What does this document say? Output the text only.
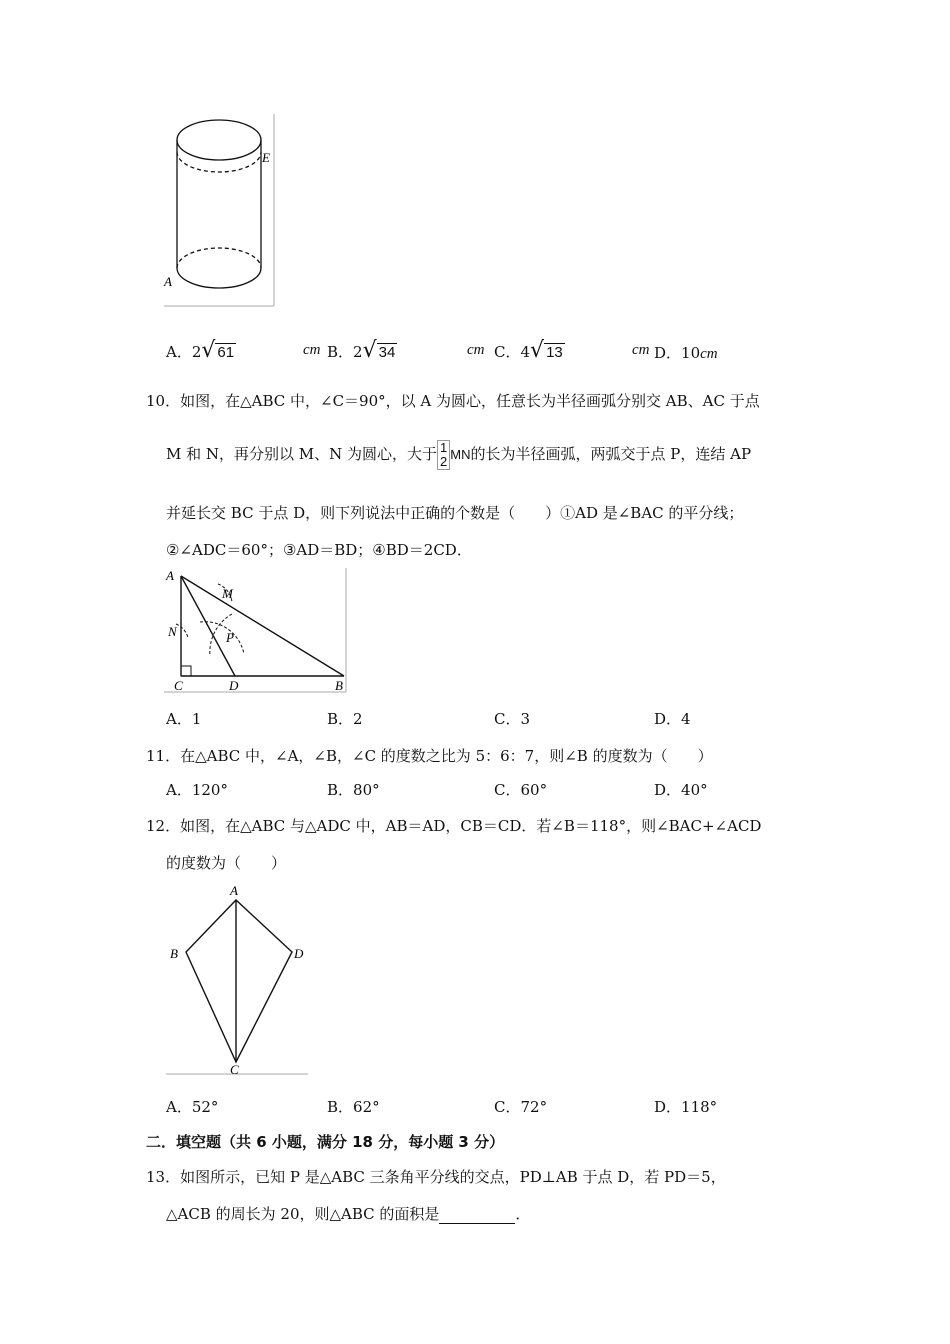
E
A
A．2√ 61	cm B．2√ 34	cm C．4√ 13	cm D．10cm
10．如图，在△ABC 中，∠C＝90°，以 A 为圆心，任意长为半径画弧分别交 AB、AC 于点
M 和 N，再分别以 M、N 为圆心，大于 1
2 MN的长为半径画弧，两弧交于点 P，连结 AP
并延长交 BC 于点 D，则下列说法中正确的个数是（　　）①AD 是∠BAC 的平分线；
②∠ADC＝60°；③AD＝BD；④BD＝2CD．
A
M
N	P
C	D	B
A．1	B．2	C．3	D．4
11．在△ABC 中，∠A，∠B，∠C 的度数之比为 5：6：7，则∠B 的度数为（　　）
A．120°	B．80°	C．60°	D．40°
12．如图，在△ABC 与△ADC 中，AB＝AD，CB＝CD．若∠B＝118°，则∠BAC+∠ACD
的度数为（　　）
A
B
C
D
A．52°	B．62°	C．72°	D．118°
二．填空题（共 6 小题，满分 18 分，每小题 3 分）
13．如图所示，已知 P 是△ABC 三条角平分线的交点，PD⊥AB 于点 D，若 PD＝5，
△ACB 的周长为 20，则△ABC 的面积是	．
